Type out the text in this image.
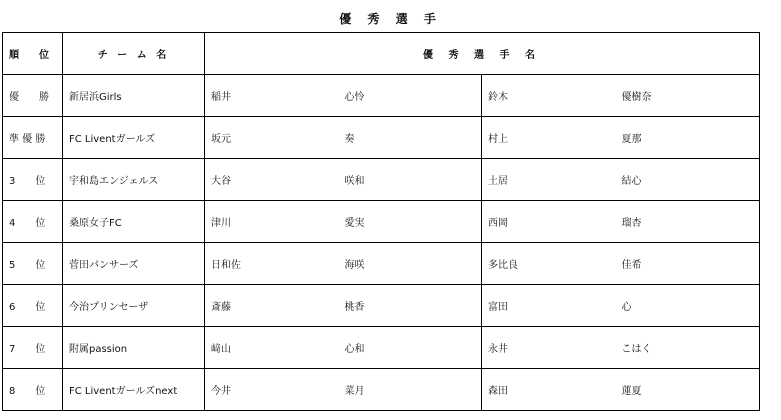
優 秀 選 手
順　　位	チ ー ム 名	優 秀 選 手 名			
優　　勝	新居浜Girls	稲井	心怜	鈴木	優樹奈
準 優 勝	FC Liventガールズ	坂元	奏	村上	夏那
3　　位	宇和島エンジェルス	大谷	咲和	土居	結心
4　　位	桑原女子FC	津川	愛実	西岡	瑠杏
5　　位	菅田パンサーズ	日和佐	海咲	多比良	佳希
6　　位	今治プリンセーザ	斎藤	桃香	富田	心
7　　位	附属passion	﨑山	心和	永井	こはく
8　　位	FC Liventガールズnext	今井	菜月	森田	蓮夏
